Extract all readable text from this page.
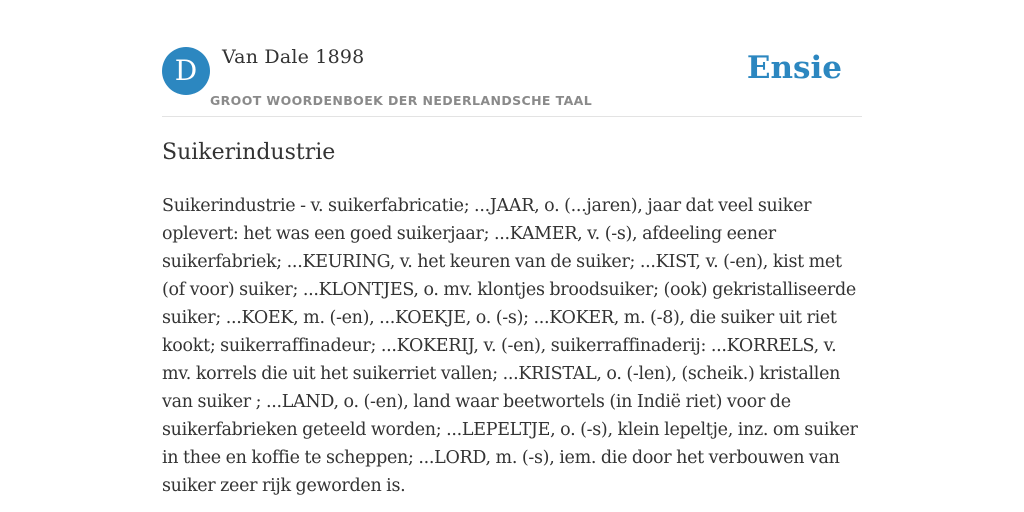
D	Van Dale 1898
GROOT WOORDENBOEK DER NEDERLANDSCHE TAAL
Ensie
Suikerindustrie

Suikerindustrie - v. suikerfabricatie; ...JAAR, o. (...jaren), jaar dat veel suiker oplevert: het was een goed suikerjaar; ...KAMER, v. (-s), afdeeling eener suikerfabriek; ...KEURING, v. het keuren van de suiker; ...KIST, v. (-en), kist met (of voor) suiker; ...KLONTJES, o. mv. klontjes broodsuiker; (ook) gekristalliseerde suiker; ...KOEK, m. (-en), ...KOEKJE, o. (-s); ...KOKER, m. (-8), die suiker uit riet kookt; suikerraffinadeur; ...KOKERIJ, v. (-en), suikerraffinaderij: ...KORRELS, v. mv. korrels die uit het suikerriet vallen; ...KRISTAL, o. (-len), (scheik.) kristallen van suiker ; ...LAND, o. (-en), land waar beetwortels (in Indië riet) voor de suikerfabrieken geteeld worden; ...LEPELTJE, o. (-s), klein lepeltje, inz. om suiker in thee en koffie te scheppen; ...LORD, m. (-s), iem. die door het verbouwen van suiker zeer rijk geworden is.
